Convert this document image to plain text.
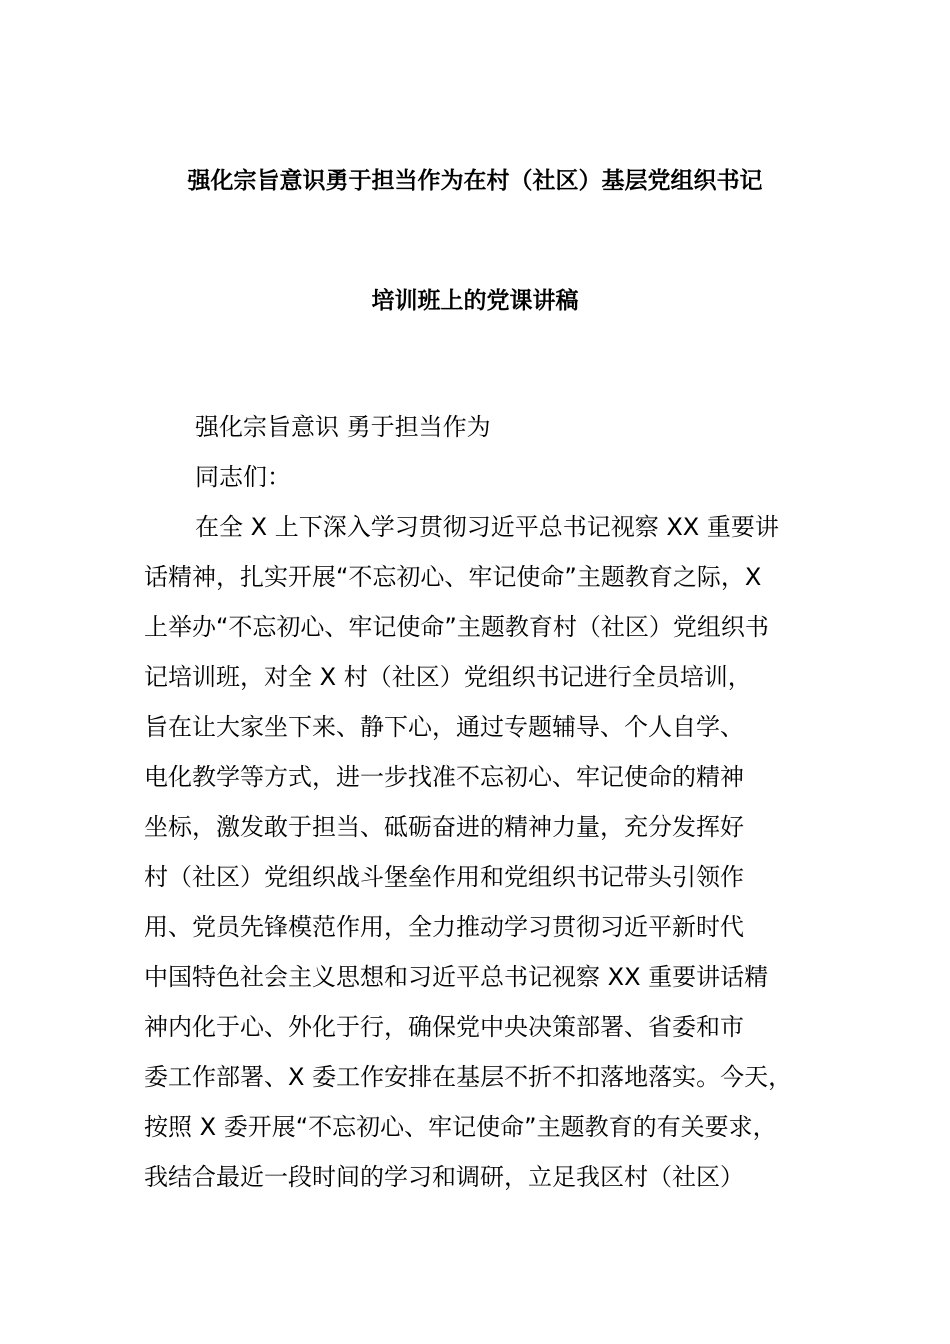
强化宗旨意识勇于担当作为在村（社区）基层党组织书记
培训班上的党课讲稿
强化宗旨意识 勇于担当作为
同志们：
在全 X 上下深入学习贯彻习近平总书记视察 XX 重要讲
话精神，扎实开展“不忘初心、牢记使命”主题教育之际，X
上举办“不忘初心、牢记使命”主题教育村（社区）党组织书
记培训班，对全 X 村（社区）党组织书记进行全员培训，
旨在让大家坐下来、静下心，通过专题辅导、个人自学、
电化教学等方式，进一步找准不忘初心、牢记使命的精神
坐标，激发敢于担当、砥砺奋进的精神力量，充分发挥好
村（社区）党组织战斗堡垒作用和党组织书记带头引领作
用、党员先锋模范作用，全力推动学习贯彻习近平新时代
中国特色社会主义思想和习近平总书记视察 XX 重要讲话精
神内化于心、外化于行，确保党中央决策部署、省委和市
委工作部署、X 委工作安排在基层不折不扣落地落实。今天，
按照 X 委开展“不忘初心、牢记使命”主题教育的有关要求，
我结合最近一段时间的学习和调研，立足我区村（社区）
